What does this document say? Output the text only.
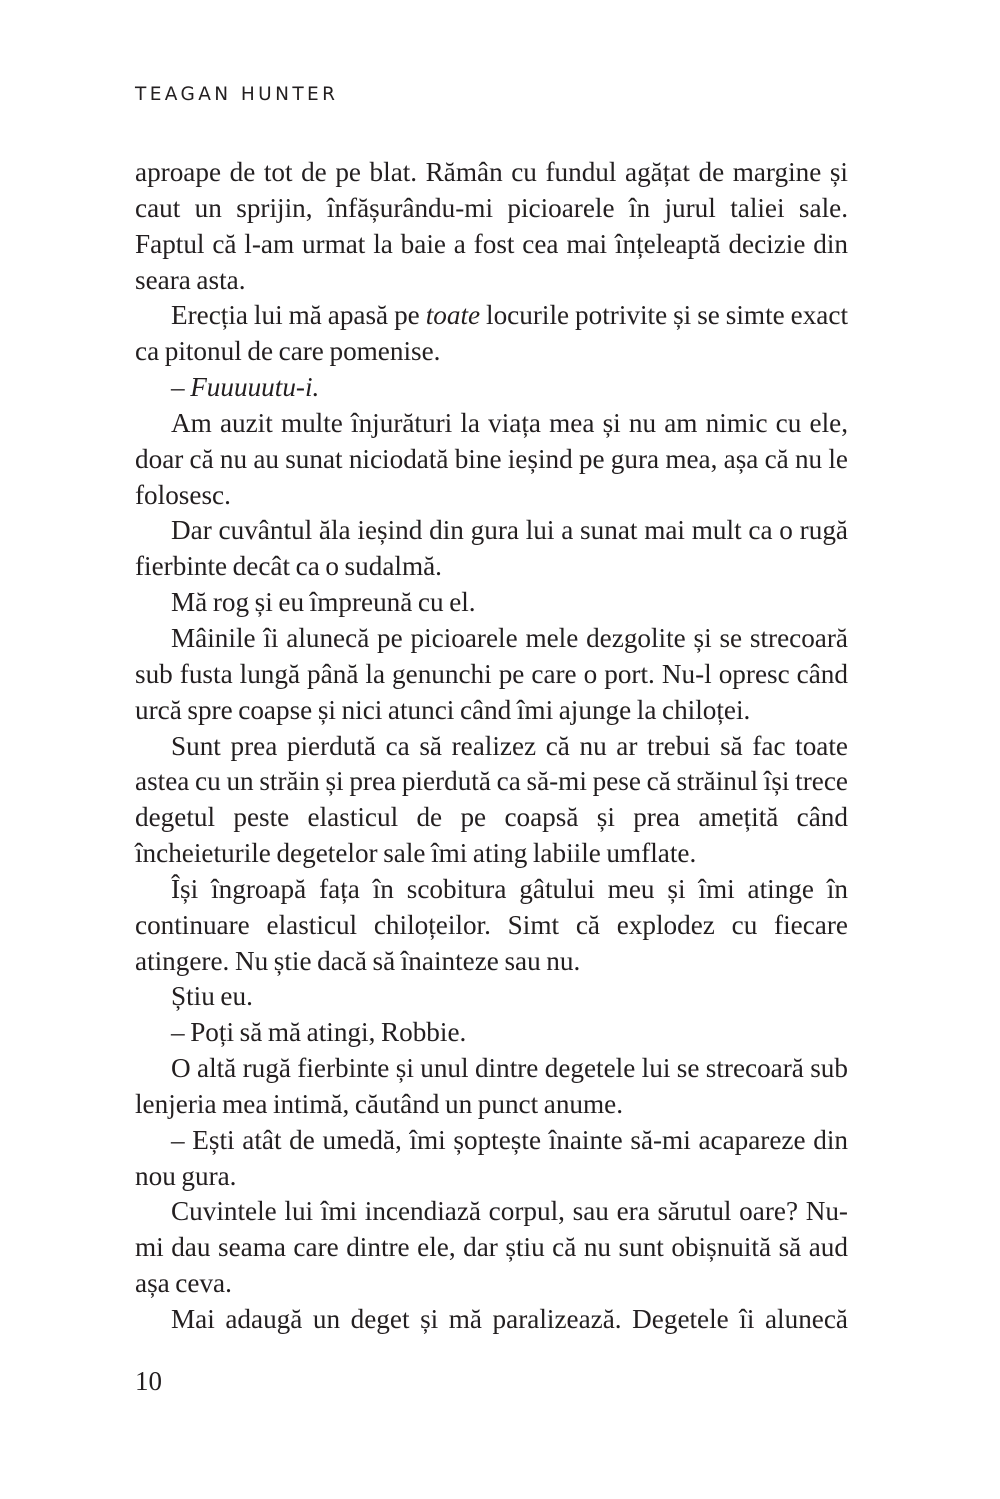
TEAGAN HUNTER

aproape de tot de pe blat. Rămân cu fundul agățat de margine și caut un sprijin, înfășurându-mi picioarele în jurul taliei sale. Faptul că l-am urmat la baie a fost cea mai înțeleaptă decizie din seara asta.

Erecția lui mă apasă pe toate locurile potrivite și se simte exact ca pitonul de care pomenise.

– Fuuuuutu-i.

Am auzit multe înjurături la viața mea și nu am nimic cu ele, doar că nu au sunat niciodată bine ieșind pe gura mea, așa că nu le folosesc.

Dar cuvântul ăla ieșind din gura lui a sunat mai mult ca o rugă fierbinte decât ca o sudalmă.

Mă rog și eu împreună cu el.

Mâinile îi alunecă pe picioarele mele dezgolite și se strecoară sub fusta lungă până la genunchi pe care o port. Nu-l opresc când urcă spre coapse și nici atunci când îmi ajunge la chiloței.

Sunt prea pierdută ca să realizez că nu ar trebui să fac toate astea cu un străin și prea pierdută ca să-mi pese că străinul își trece degetul peste elasticul de pe coapsă și prea amețită când încheieturile degetelor sale îmi ating labiile umflate.

Își îngroapă fața în scobitura gâtului meu și îmi atinge în continuare elasticul chiloțeilor. Simt că explodez cu fiecare atingere. Nu știe dacă să înainteze sau nu.

Știu eu.

– Poți să mă atingi, Robbie.

O altă rugă fierbinte și unul dintre degetele lui se strecoară sub lenjeria mea intimă, căutând un punct anume.

– Ești atât de umedă, îmi șoptește înainte să-mi acapareze din nou gura.

Cuvintele lui îmi incendiază corpul, sau era sărutul oare? Nu-mi dau seama care dintre ele, dar știu că nu sunt obișnuită să aud așa ceva.

Mai adaugă un deget și mă paralizează. Degetele îi alunecă

10
